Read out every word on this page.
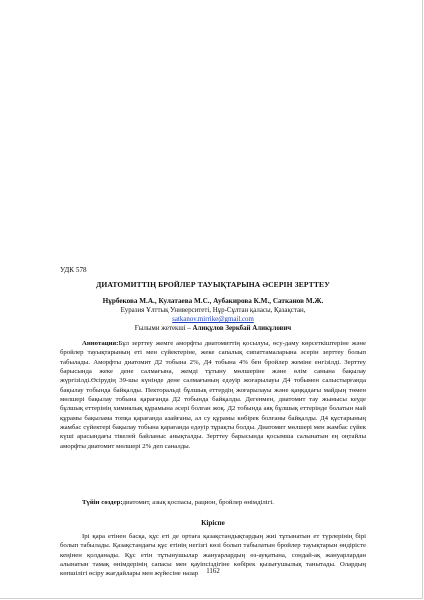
УДК 578
ДИАТОМИТТІҢ БРОЙЛЕР ТАУЫҚТАРЫНА ӘСЕРІН ЗЕРТТЕУ
Нұрбекова М.А., Кулатаева М.С., Аубакирова К.М., Сатканов М.Ж.
Еуразия Ұлттық Университеті, Нұр-Сұлтан қаласы, Қазақстан,
satkanov.mirrike@gmail.com
Ғылыми жетекші – Алиқұлов Зеркбай Аликұлович

Аннотация:Бұл зерттеу жемге аморфты диатомиттің қосылуы, өсу-даму көрсеткіштеріне және бройлер тауықтарының еті мен сүйектеріне, жеке сапалық сипаттамаларына әсерін зерттеу болып табылады. Аморфты диатомит Д2 тобына 2%, Д4 тобына 4% бен бройлер жеміне енгізілді. Зерттеу барысында жеке дене салмағына, жемді тұтыну мөлшеріне және өлім санына бақылау жүргізілді.Өсірудің 39-шы күнінде дене салмағының едәуір жоғарылауы Д4 тобымен салыстырғанда бақылау тобында байқалды. Пекторальді бұлшық еттердің жоғарылауы және қаңқадағы майдың төмен мөлшері бақылау тобына қарағанда Д2 тобында байқалды. Дегенмен, диатомит тау жынысы кеуде бұлшық еттерінің химиялық құрамына әсері болған жоқ. Д2 тобында аяқ бұлшық еттерінде болатын май құрамы бақылама топқа қарағанда азайғаны, ал су құрамы көбірек болғаны байқалды. Д4 құстарының жамбас сүйектері бақылау тобына қарағанда едәуір тұрақты болды. Диатомит мөлшері мен жамбас сүйек күші арасындағы тікелей байланыс анықталды. Зерттеу барысында қосымша салынатын ең оңтайлы аморфты диатомит мөлшері 2% деп саналды.

Түйін сөздер:диатомит, азық қоспасы, рацион, бройлер өнімділігі.
Кіріспе

Ірі қара етінен басқа, құс еті де ортаға қазақстандықтардың жиі тұтынатын ет түрлерінің бірі болып табылады. Қазақстандағы құс етінің негізгі көзі болып табылатын бройлер тауықтарын өндірісте кеңінен қолданады. Құс етін тұтынушылар жануарлардың өз-ауқатына, сондай-ақ жануарлардан алынатын тамақ өнімдерінің сапасы мен қауіпсіздігіне көбірек қызығушылық танытады. Олардың көпшілігі өсіру жағдайлары мен жүйесіне назар	1162
